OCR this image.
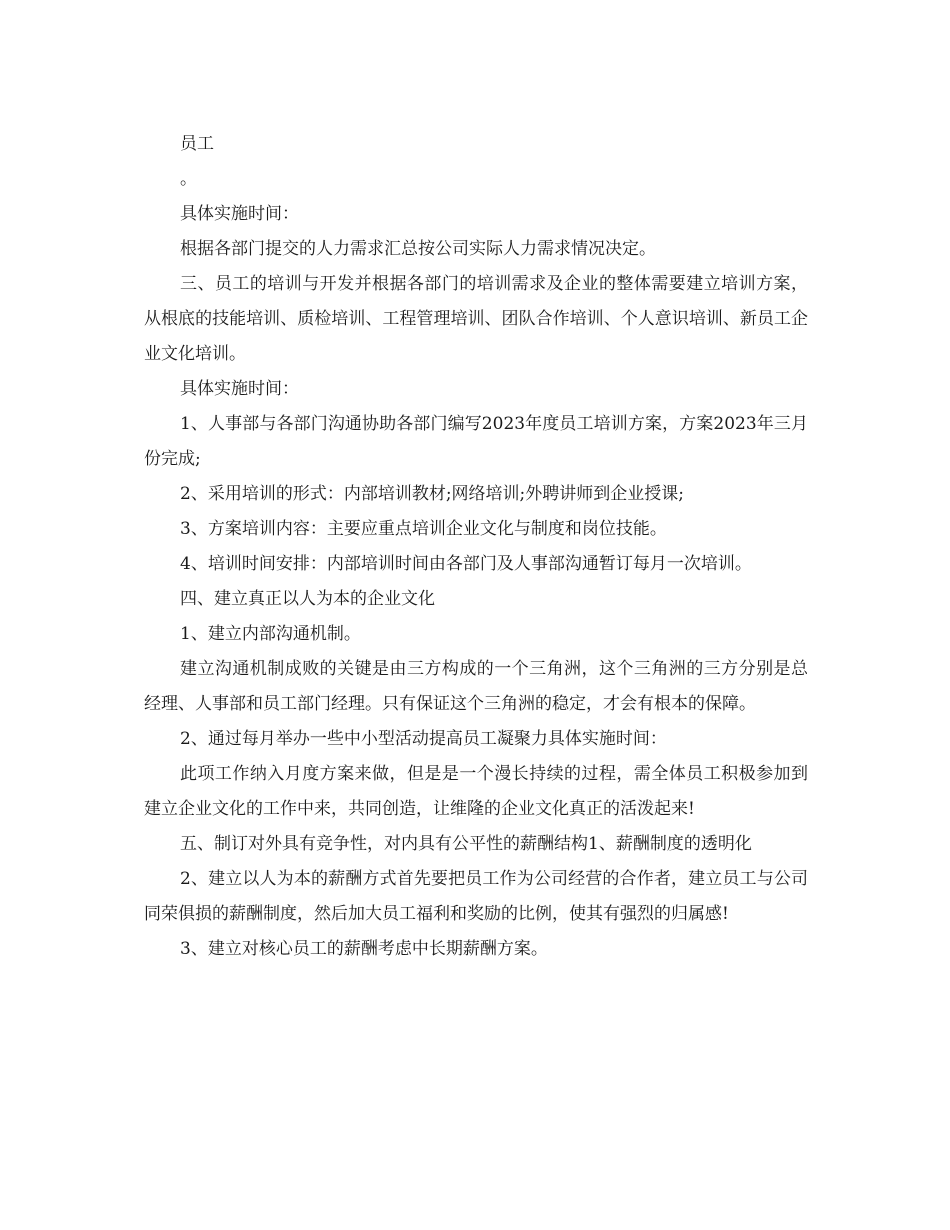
员工

。

具体实施时间：

根据各部门提交的人力需求汇总按公司实际人力需求情况决定。

三、员工的培训与开发并根据各部门的培训需求及企业的整体需要建立培训方案，从根底的技能培训、质检培训、工程管理培训、团队合作培训、个人意识培训、新员工企业文化培训。

具体实施时间：

1、人事部与各部门沟通协助各部门编写2023年度员工培训方案，方案2023年三月份完成;

2、采用培训的形式：内部培训教材;网络培训;外聘讲师到企业授课;

3、方案培训内容：主要应重点培训企业文化与制度和岗位技能。

4、培训时间安排：内部培训时间由各部门及人事部沟通暂订每月一次培训。

四、建立真正以人为本的企业文化

1、建立内部沟通机制。

建立沟通机制成败的关键是由三方构成的一个三角洲，这个三角洲的三方分别是总经理、人事部和员工部门经理。只有保证这个三角洲的稳定，才会有根本的保障。

2、通过每月举办一些中小型活动提高员工凝聚力具体实施时间：

此项工作纳入月度方案来做，但是是一个漫长持续的过程，需全体员工积极参加到建立企业文化的工作中来，共同创造，让维隆的企业文化真正的活泼起来!

五、制订对外具有竞争性，对内具有公平性的薪酬结构1、薪酬制度的透明化

2、建立以人为本的薪酬方式首先要把员工作为公司经营的合作者，建立员工与公司同荣俱损的薪酬制度，然后加大员工福利和奖励的比例，使其有强烈的归属感!

3、建立对核心员工的薪酬考虑中长期薪酬方案。
